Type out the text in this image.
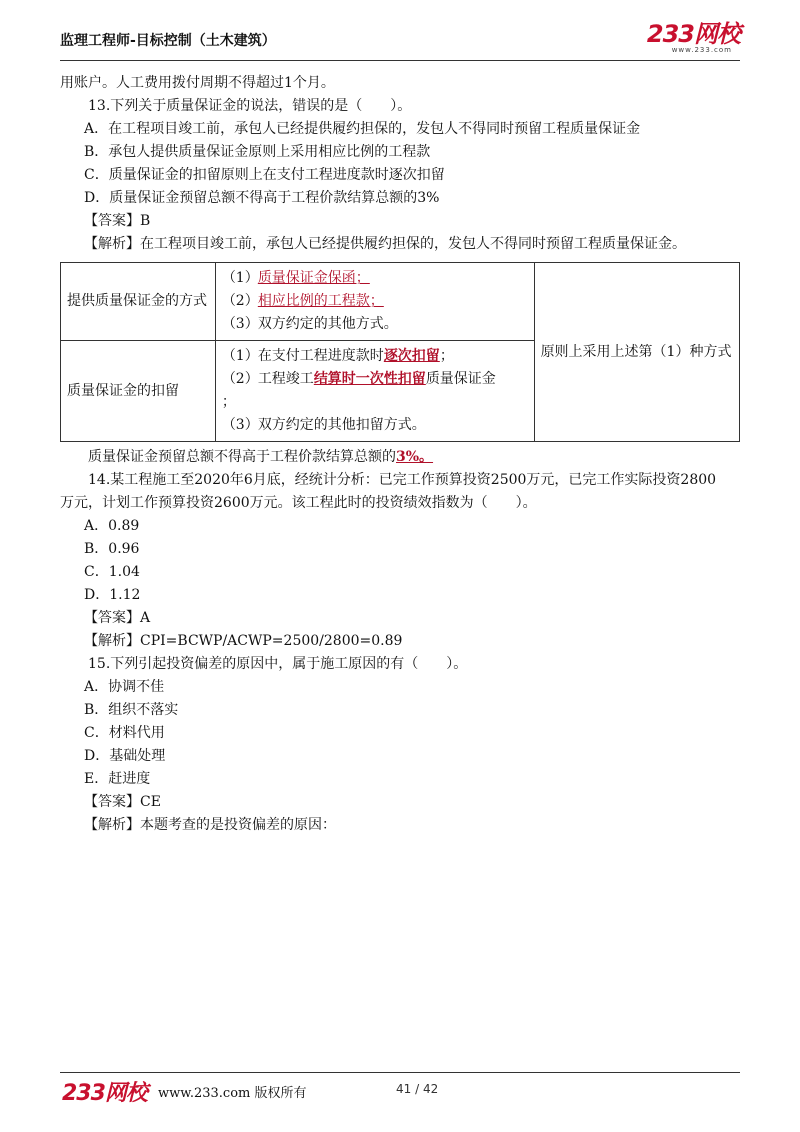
监理工程师-目标控制（土木建筑）	233网校
www.233.com
用账户。人工费用拨付周期不得超过1个月。
13.下列关于质量保证金的说法，错误的是（　　）。
A．在工程项目竣工前，承包人已经提供履约担保的，发包人不得同时预留工程质量保证金
B．承包人提供质量保证金原则上采用相应比例的工程款
C．质量保证金的扣留原则上在支付工程进度款时逐次扣留
D．质量保证金预留总额不得高于工程价款结算总额的3%
【答案】B
【解析】在工程项目竣工前，承包人已经提供履约担保的，发包人不得同时预留工程质量保证金。
提供质量保证金的方式	（1）质量保证金保函；
（2）相应比例的工程款；
（3）双方约定的其他方式。	原则上采用上述第（1）种方式
质量保证金的扣留	（1）在支付工程进度款时逐次扣留；
（2）工程竣工结算时一次性扣留质量保证金
；
（3）双方约定的其他扣留方式。	
质量保证金预留总额不得高于工程价款结算总额的3%。
14.某工程施工至2020年6月底，经统计分析：已完工作预算投资2500万元，已完工作实际投资2800
万元，计划工作预算投资2600万元。该工程此时的投资绩效指数为（　　）。
A．0.89
B．0.96
C．1.04
D．1.12
【答案】A
【解析】CPI=BCWP/ACWP=2500/2800=0.89
15.下列引起投资偏差的原因中，属于施工原因的有（　　）。
A．协调不佳
B．组织不落实
C．材料代用
D．基础处理
E．赶进度
【答案】CE
【解析】本题考查的是投资偏差的原因：
233网校 www.233.com 版权所有	41 / 42
